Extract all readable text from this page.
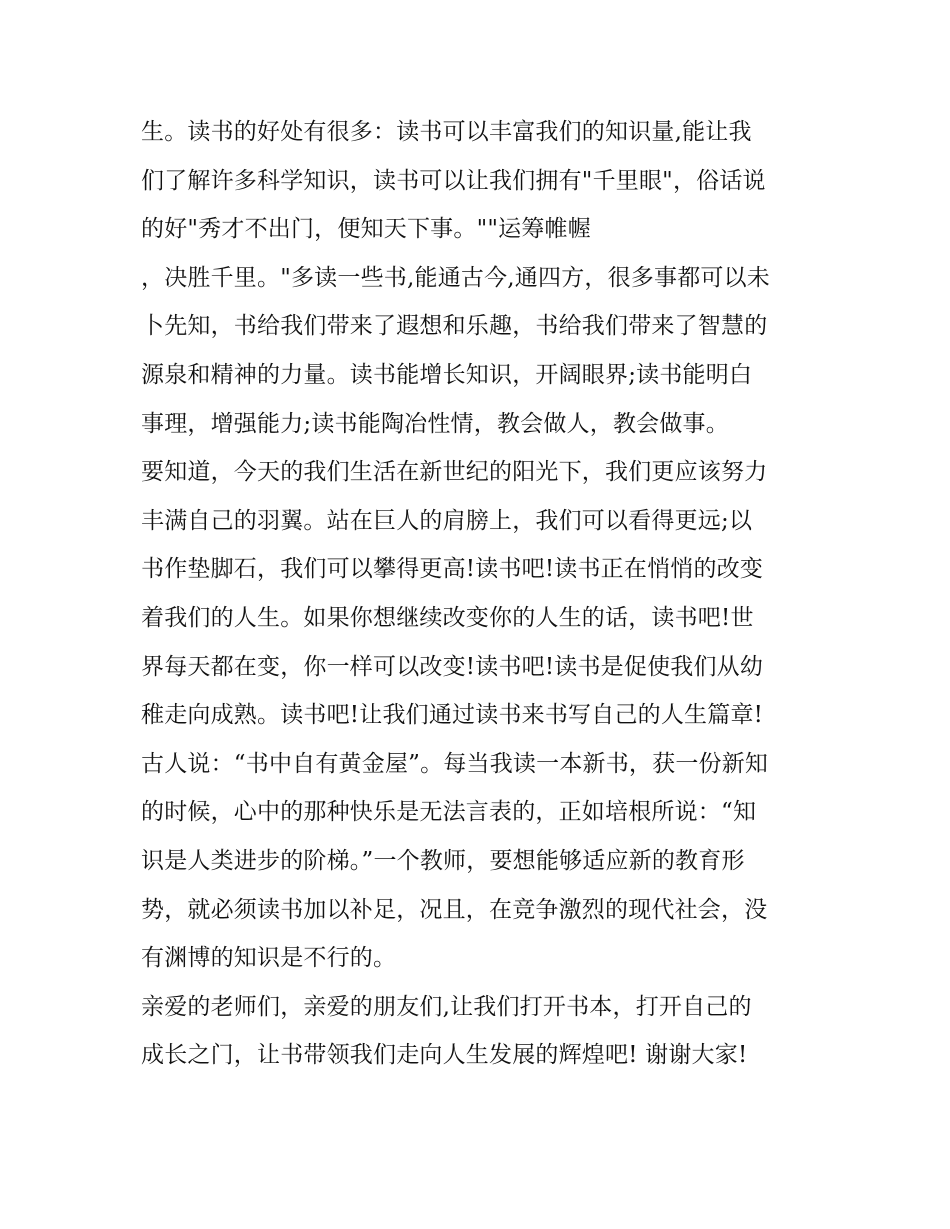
生。读书的好处有很多：读书可以丰富我们的知识量,能让我
们了解许多科学知识，读书可以让我们拥有"千里眼"，俗话说
的好"秀才不出门，便知天下事。""运筹帷幄
，决胜千里。"多读一些书,能通古今,通四方，很多事都可以未
卜先知，书给我们带来了遐想和乐趣，书给我们带来了智慧的
源泉和精神的力量。读书能增长知识，开阔眼界;读书能明白
事理，增强能力;读书能陶冶性情，教会做人，教会做事。
要知道，今天的我们生活在新世纪的阳光下，我们更应该努力
丰满自己的羽翼。站在巨人的肩膀上，我们可以看得更远;以
书作垫脚石，我们可以攀得更高!读书吧!读书正在悄悄的改变
着我们的人生。如果你想继续改变你的人生的话，读书吧!世
界每天都在变，你一样可以改变!读书吧!读书是促使我们从幼
稚走向成熟。读书吧!让我们通过读书来书写自己的人生篇章!
古人说：“书中自有黄金屋”。每当我读一本新书，获一份新知
的时候，心中的那种快乐是无法言表的，正如培根所说：“知
识是人类进步的阶梯。”一个教师，要想能够适应新的教育形
势，就必须读书加以补足，况且，在竞争激烈的现代社会，没
有渊博的知识是不行的。
亲爱的老师们，亲爱的朋友们,让我们打开书本，打开自己的
成长之门，让书带领我们走向人生发展的辉煌吧! 谢谢大家!
